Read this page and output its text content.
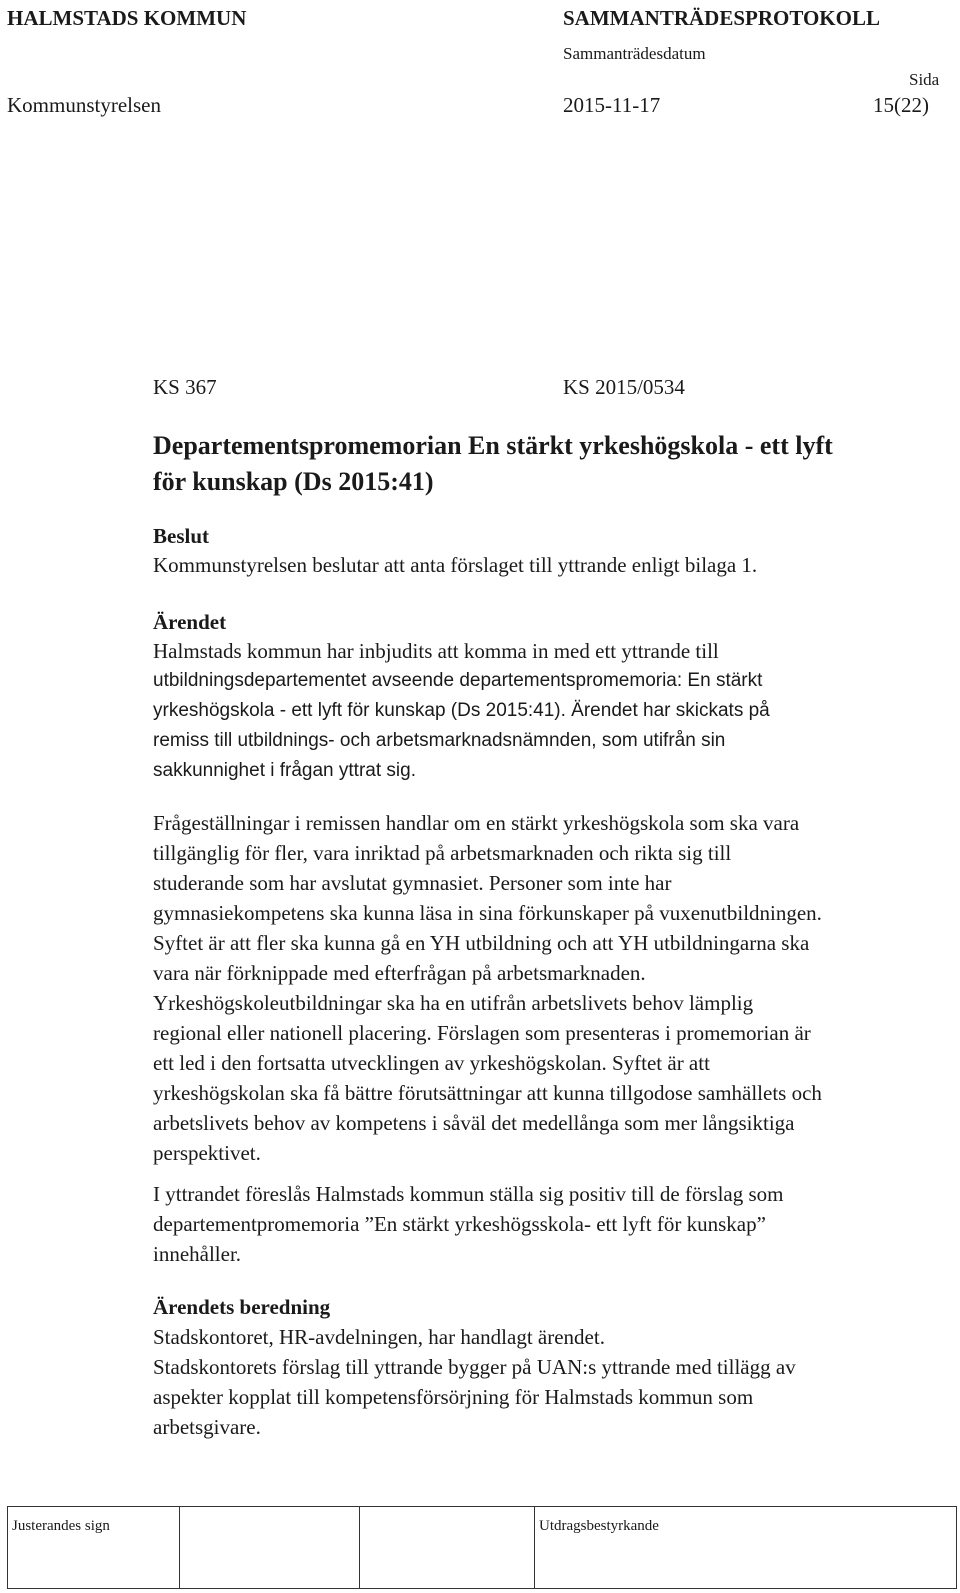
HALMSTADS KOMMUN	SAMMANTRÄDESPROTOKOLL
Sammanträdesdatum
Sida
Kommunstyrelsen	2015-11-17	15(22)
KS 367	KS 2015/0534
Departementspromemorian En stärkt yrkeshögskola - ett lyft
för kunskap (Ds 2015:41)
Beslut
Kommunstyrelsen beslutar att anta förslaget till yttrande enligt bilaga 1.
Ärendet
Halmstads kommun har inbjudits att komma in med ett yttrande till
utbildningsdepartementet avseende departementspromemoria: En stärkt
yrkeshögskola - ett lyft för kunskap (Ds 2015:41). Ärendet har skickats på
remiss till utbildnings- och arbetsmarknadsnämnden, som utifrån sin
sakkunnighet i frågan yttrat sig.
Frågeställningar i remissen handlar om en stärkt yrkeshögskola som ska vara
tillgänglig för fler, vara inriktad på arbetsmarknaden och rikta sig till
studerande som har avslutat gymnasiet. Personer som inte har
gymnasiekompetens ska kunna läsa in sina förkunskaper på vuxenutbildningen.
Syftet är att fler ska kunna gå en YH utbildning och att YH utbildningarna ska
vara när förknippade med efterfrågan på arbetsmarknaden.
Yrkeshögskoleutbildningar ska ha en utifrån arbetslivets behov lämplig
regional eller nationell placering. Förslagen som presenteras i promemorian är
ett led i den fortsatta utvecklingen av yrkeshögskolan. Syftet är att
yrkeshögskolan ska få bättre förutsättningar att kunna tillgodose samhällets och
arbetslivets behov av kompetens i såväl det medellånga som mer långsiktiga
perspektivet.
I yttrandet föreslås Halmstads kommun ställa sig positiv till de förslag som
departementpromemoria ”En stärkt yrkeshögsskola- ett lyft för kunskap”
innehåller.
Ärendets beredning
Stadskontoret, HR-avdelningen, har handlagt ärendet.
Stadskontorets förslag till yttrande bygger på UAN:s yttrande med tillägg av
aspekter kopplat till kompetensförsörjning för Halmstads kommun som
arbetsgivare.
Justerandes sign	Utdragsbestyrkande
